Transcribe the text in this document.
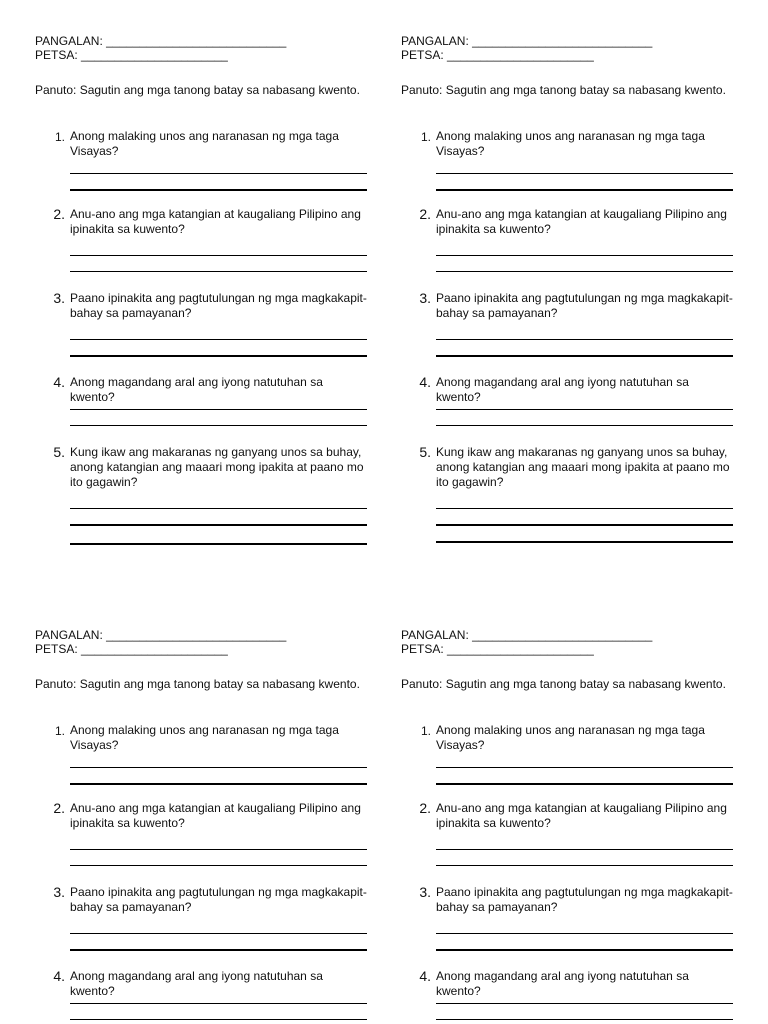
PANGALAN: ___________________________
PETSA: ______________________
Panuto: Sagutin ang mga tanong batay sa nabasang kwento.
1. Anong malaking unos ang naranasan ng mga taga Visayas?
2. Anu-ano ang mga katangian at kaugaliang Pilipino ang ipinakita sa kuwento?
3. Paano ipinakita ang pagtutulungan ng mga magkakapit-bahay sa pamayanan?
4. Anong magandang aral ang iyong natutuhan sa kwento?
5. Kung ikaw ang makaranas ng ganyang unos sa buhay, anong katangian ang maaari mong ipakita at paano mo ito gagawin?
PANGALAN: ___________________________
PETSA: ______________________
Panuto: Sagutin ang mga tanong batay sa nabasang kwento.
1. Anong malaking unos ang naranasan ng mga taga Visayas?
2. Anu-ano ang mga katangian at kaugaliang Pilipino ang ipinakita sa kuwento?
3. Paano ipinakita ang pagtutulungan ng mga magkakapit-bahay sa pamayanan?
4. Anong magandang aral ang iyong natutuhan sa kwento?
5. Kung ikaw ang makaranas ng ganyang unos sa buhay, anong katangian ang maaari mong ipakita at paano mo ito gagawin?
PANGALAN: ___________________________
PETSA: ______________________
Panuto: Sagutin ang mga tanong batay sa nabasang kwento.
1. Anong malaking unos ang naranasan ng mga taga Visayas?
2. Anu-ano ang mga katangian at kaugaliang Pilipino ang ipinakita sa kuwento?
3. Paano ipinakita ang pagtutulungan ng mga magkakapit-bahay sa pamayanan?
4. Anong magandang aral ang iyong natutuhan sa kwento?
PANGALAN: ___________________________
PETSA: ______________________
Panuto: Sagutin ang mga tanong batay sa nabasang kwento.
1. Anong malaking unos ang naranasan ng mga taga Visayas?
2. Anu-ano ang mga katangian at kaugaliang Pilipino ang ipinakita sa kuwento?
3. Paano ipinakita ang pagtutulungan ng mga magkakapit-bahay sa pamayanan?
4. Anong magandang aral ang iyong natutuhan sa kwento?
